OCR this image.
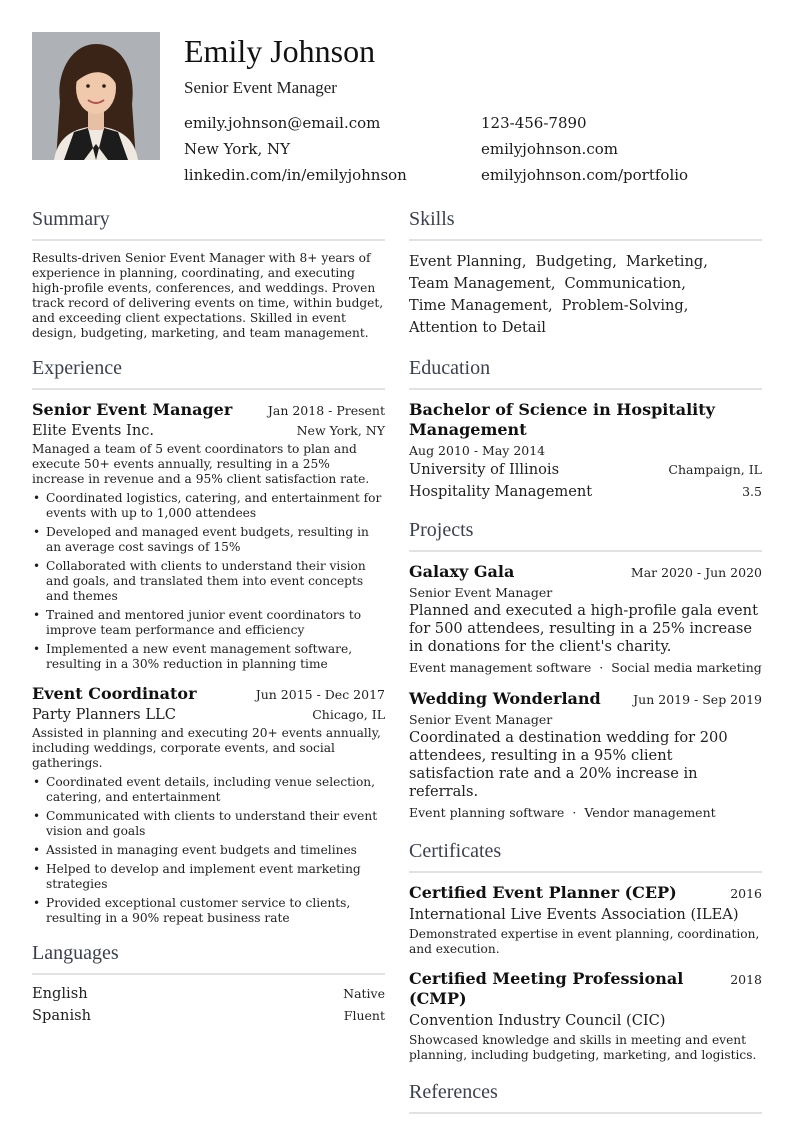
Emily Johnson
Senior Event Manager
emily.johnson@email.com	123-456-7890
New York, NY	emilyjohnson.com
linkedin.com/in/emilyjohnson	emilyjohnson.com/portfolio
Summary
Results-driven Senior Event Manager with 8+ years of experience in planning, coordinating, and executing high-profile events, conferences, and weddings. Proven track record of delivering events on time, within budget, and exceeding client expectations. Skilled in event design, budgeting, marketing, and team management.
Experience
Senior Event Manager	Jan 2018 - Present
Elite Events Inc.	New York, NY
Managed a team of 5 event coordinators to plan and execute 50+ events annually, resulting in a 25% increase in revenue and a 95% client satisfaction rate.
• Coordinated logistics, catering, and entertainment for events with up to 1,000 attendees
• Developed and managed event budgets, resulting in an average cost savings of 15%
• Collaborated with clients to understand their vision and goals, and translated them into event concepts and themes
• Trained and mentored junior event coordinators to improve team performance and efficiency
• Implemented a new event management software, resulting in a 30% reduction in planning time
Event Coordinator	Jun 2015 - Dec 2017
Party Planners LLC	Chicago, IL
Assisted in planning and executing 20+ events annually, including weddings, corporate events, and social gatherings.
• Coordinated event details, including venue selection, catering, and entertainment
• Communicated with clients to understand their event vision and goals
• Assisted in managing event budgets and timelines
• Helped to develop and implement event marketing strategies
• Provided exceptional customer service to clients, resulting in a 90% repeat business rate
Languages
English	Native
Spanish	Fluent
Skills
Event Planning, Budgeting, Marketing,
Team Management, Communication,
Time Management, Problem-Solving,
Attention to Detail
Education
Bachelor of Science in Hospitality Management
Aug 2010 - May 2014
University of Illinois	Champaign, IL
Hospitality Management	3.5
Projects
Galaxy Gala	Mar 2020 - Jun 2020
Senior Event Manager
Planned and executed a high-profile gala event for 500 attendees, resulting in a 25% increase in donations for the client's charity.
Event management software · Social media marketing
Wedding Wonderland	Jun 2019 - Sep 2019
Senior Event Manager
Coordinated a destination wedding for 200 attendees, resulting in a 95% client satisfaction rate and a 20% increase in referrals.
Event planning software · Vendor management
Certificates
Certified Event Planner (CEP)	2016
International Live Events Association (ILEA)
Demonstrated expertise in event planning, coordination, and execution.
Certified Meeting Professional (CMP)
2018
Convention Industry Council (CIC)
Showcased knowledge and skills in meeting and event planning, including budgeting, marketing, and logistics.
References
